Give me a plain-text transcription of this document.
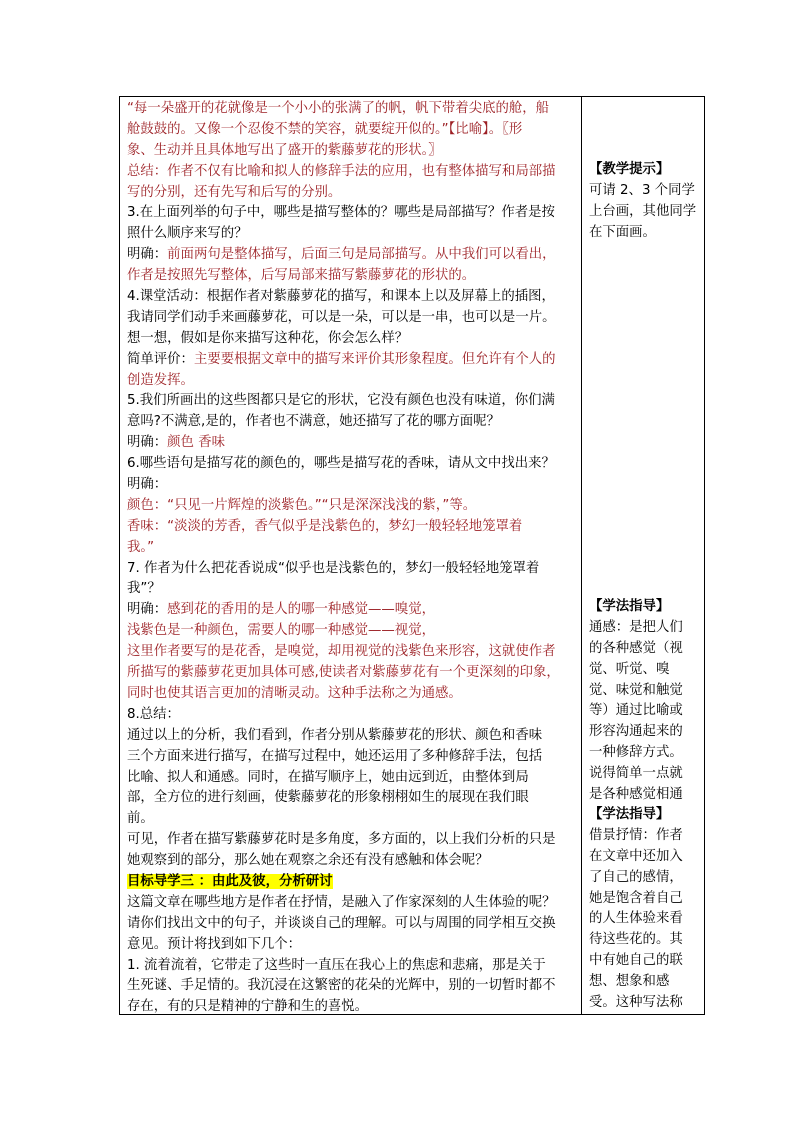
“每一朵盛开的花就像是一个小小的张满了的帆，帆下带着尖底的舱，船
舱鼓鼓的。又像一个忍俊不禁的笑容，就要绽开似的。”【比喻】。〖形
象、生动并且具体地写出了盛开的紫藤萝花的形状。〗
总结：作者不仅有比喻和拟人的修辞手法的应用，也有整体描写和局部描
写的分别，还有先写和后写的分别。
3.在上面列举的句子中，哪些是描写整体的？哪些是局部描写？作者是按
照什么顺序来写的？
明确：前面两句是整体描写，后面三句是局部描写。从中我们可以看出，
作者是按照先写整体，后写局部来描写紫藤萝花的形状的。
4.课堂活动：根据作者对紫藤萝花的描写，和课本上以及屏幕上的插图，
我请同学们动手来画藤萝花，可以是一朵，可以是一串，也可以是一片。
想一想，假如是你来描写这种花，你会怎么样？
简单评价：主要要根据文章中的描写来评价其形象程度。但允许有个人的
创造发挥。
5.我们所画出的这些图都只是它的形状，它没有颜色也没有味道，你们满
意吗?不满意,是的，作者也不满意，她还描写了花的哪方面呢？
明确：颜色 香味
6.哪些语句是描写花的颜色的，哪些是描写花的香味，请从文中找出来？
明确：
颜色：“只见一片辉煌的淡紫色。”“只是深深浅浅的紫，”等。
香味：“淡淡的芳香，香气似乎是浅紫色的，梦幻一般轻轻地笼罩着
我。”
7. 作者为什么把花香说成“似乎也是浅紫色的，梦幻一般轻轻地笼罩着
我”？
明确：感到花的香用的是人的哪一种感觉——嗅觉，
浅紫色是一种颜色，需要人的哪一种感觉——视觉，
这里作者要写的是花香，是嗅觉，却用视觉的浅紫色来形容，这就使作者
所描写的紫藤萝花更加具体可感,使读者对紫藤萝花有一个更深刻的印象，
同时也使其语言更加的清晰灵动。这种手法称之为通感。
8.总结：
通过以上的分析，我们看到，作者分别从紫藤萝花的形状、颜色和香味
三个方面来进行描写，在描写过程中，她还运用了多种修辞手法，包括
比喻、拟人和通感。同时，在描写顺序上，她由远到近，由整体到局
部，全方位的进行刻画，使紫藤萝花的形象栩栩如生的展现在我们眼
前。
可见，作者在描写紫藤萝花时是多角度，多方面的，以上我们分析的只是
她观察到的部分，那么她在观察之余还有没有感触和体会呢？
目标导学三 ：由此及彼，分析研讨
这篇文章在哪些地方是作者在抒情，是融入了作家深刻的人生体验的呢？
请你们找出文中的句子，并谈谈自己的理解。可以与周围的同学相互交换
意见。预计将找到如下几个：
1. 流着流着，它带走了这些时一直压在我心上的焦虑和悲痛，那是关于
生死谜、手足情的。我沉浸在这繁密的花朵的光辉中，别的一切暂时都不
存在，有的只是精神的宁静和生的喜悦。
【教学提示】
可请 2、3 个同学
上台画，其他同学
在下面画。
【学法指导】
通感：是把人们
的各种感觉（视
觉、听觉、嗅
觉、味觉和触觉
等）通过比喻或
形容沟通起来的
一种修辞方式。
说得简单一点就
是各种感觉相通
【学法指导】
借景抒情：作者
在文章中还加入
了自己的感情，
她是饱含着自己
的人生体验来看
待这些花的。其
中有她自己的联
想、想象和感
受。这种写法称
